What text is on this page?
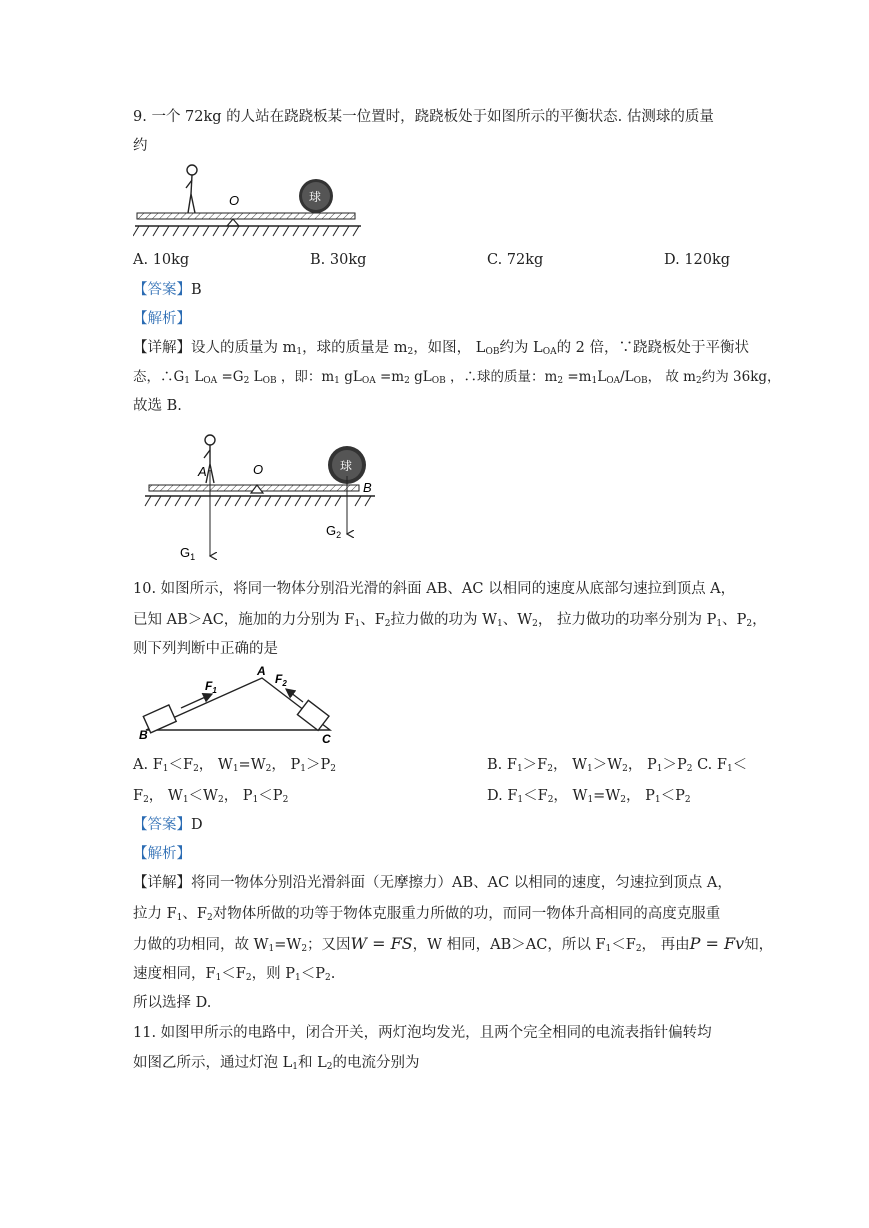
9. 一个 72kg 的人站在跷跷板某一位置时，跷跷板处于如图所示的平衡状态. 估测球的质量
约
O	球
A. 10kg	B. 30kg	C. 72kg	D. 120kg
【答案】B
【解析】
【详解】设人的质量为 $m_1$，球的质量是 $m_2$，如图， $L_{OB}$约为 $L_{OA}$的 2 倍，∵跷跷板处于平衡状
态，$\therefore G_1$ $L_{OA} =G_2$ $L_{OB}$ ，即：$m_1$ $gL_{OA} =m_2$ $gL_{OB}$ ，∴球的质量：$m_2 =m_1L_{OA}/L_{OB}$， 故 $m_2$约为 36kg，
故选 B.
A	O	球
B
$G_1$
$G_2$
10. 如图所示，将同一物体分别沿光滑的斜面 AB、AC 以相同的速度从底部匀速拉到顶点 A，
已知 AB＞AC，施加的力分别为 $F_1$、$F_2$拉力做的功为 $W_1$、$W_2$， 拉力做功的功率分别为 $P_1$、$P_2$，
则下列判断中正确的是
$F_1$
$F_2$
A
B	C
A. $F_1<F_2$， $W_1=W_2$， $P_1>P_2$	B. $F_1>F_2$， $W_1>W_2$， $P_1>P_2$ C. $F_1<$
$F_2$， $W_1<W_2$， $P_1<P_2$	D. $F_1<F_2$， $W_1=W_2$， $P_1<P_2$
【答案】D
【解析】
【详解】将同一物体分别沿光滑斜面（无摩擦力）AB、AC 以相同的速度，匀速拉到顶点 A，
拉力 $F_1$、$F_2$对物体所做的功等于物体克服重力所做的功，而同一物体升高相同的高度克服重
力做的功相同，故 $W_1=W_2$；又因W = FS，W 相同，AB＞AC，所以 $F_1<F_2$， 再由P = Fv知，
速度相同，$F_1<F_2$，则 $P_1<P_2$.
所以选择 D.
11. 如图甲所示的电路中，闭合开关，两灯泡均发光，且两个完全相同的电流表指针偏转均
如图乙所示，通过灯泡 $L_1$和 $L_2$的电流分别为
